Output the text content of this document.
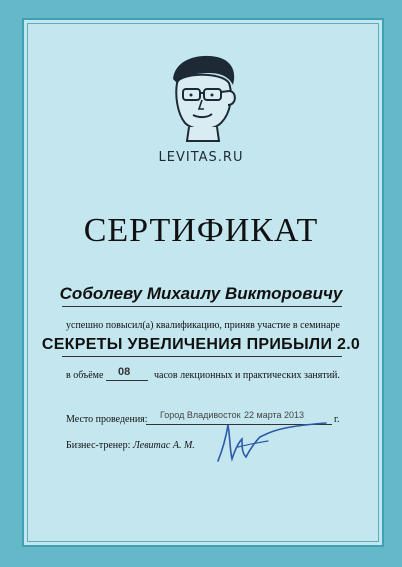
LEVITAS.RU
СЕРТИФИКАТ
Соболеву Михаилу Викторовичу
успешно повысил(а) квалификацию, приняв участие в семинаре
СЕКРЕТЫ УВЕЛИЧЕНИЯ ПРИБЫЛИ 2.0
в объёме 08 часов лекционных и практических занятий.
Место проведения: Город Владивосток 22 марта 2013	г.
Бизнес-тренер: Левитас А. М.
